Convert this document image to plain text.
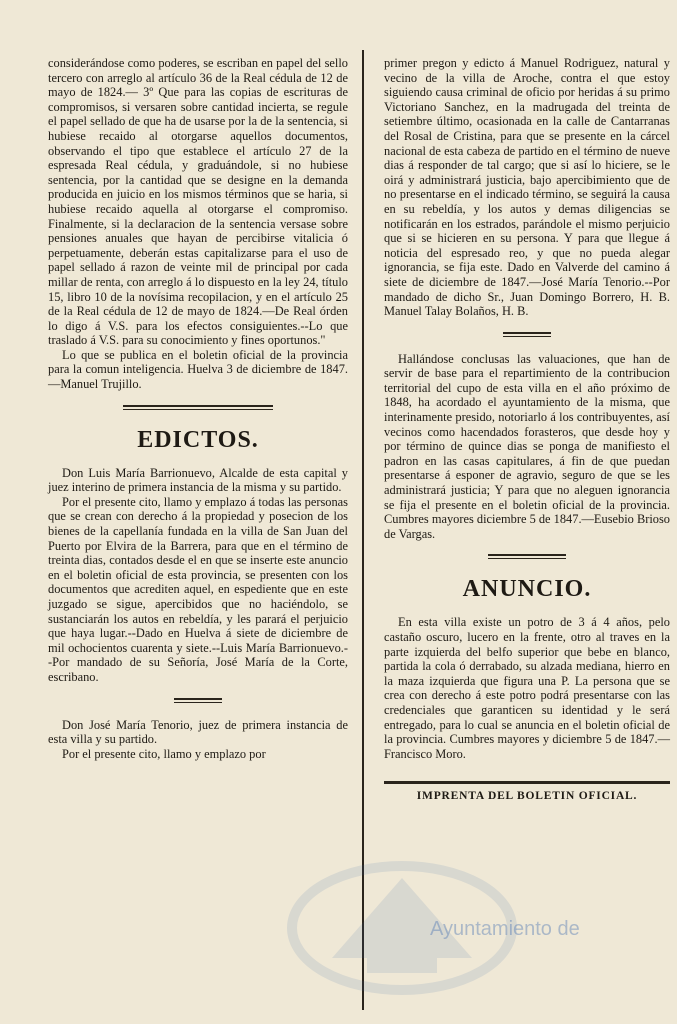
considerándose como poderes, se escriban en papel del sello tercero con arreglo al artículo 36 de la Real cédula de 12 de mayo de 1824.— 3º Que para las copias de escrituras de compromisos, si versaren sobre cantidad incierta, se regule el papel sellado de que ha de usarse por la de la sentencia, si hubiese recaido al otorgarse aquellos documentos, observando el tipo que establece el artículo 27 de la espresada Real cédula, y graduándole, si no hubiese sentencia, por la cantidad que se designe en la demanda producida en juicio en los mismos términos que se haria, si hubiese recaido aquella al otorgarse el compromiso. Finalmente, si la declaracion de la sentencia versase sobre pensiones anuales que hayan de percibirse vitalicia ó perpetuamente, deberán estas capitalizarse para el uso de papel sellado á razon de veinte mil de principal por cada millar de renta, con arreglo á lo dispuesto en la ley 24, título 15, libro 10 de la novísima recopilacion, y en el artículo 25 de la Real cédula de 12 de mayo de 1824.—De Real órden lo digo á V.S. para los efectos consiguientes.--Lo que traslado á V.S. para su conocimiento y fines oportunos."

Lo que se publica en el boletin oficial de la provincia para la comun inteligencia. Huelva 3 de diciembre de 1847.—Manuel Trujillo.

EDICTOS.

Don Luis María Barrionuevo, Alcalde de esta capital y juez interino de primera instancia de la misma y su partido.

Por el presente cito, llamo y emplazo á todas las personas que se crean con derecho á la propiedad y posecion de los bienes de la capellanía fundada en la villa de San Juan del Puerto por Elvira de la Barrera, para que en el término de treinta dias, contados desde el en que se inserte este anuncio en el boletin oficial de esta provincia, se presenten con los documentos que acrediten aquel, en espediente que en este juzgado se sigue, apercibidos que no haciéndolo, se sustanciarán los autos en rebeldía, y les parará el perjuicio que haya lugar.--Dado en Huelva á siete de diciembre de mil ochocientos cuarenta y siete.--Luis María Barrionuevo.--Por mandado de su Señoría, José María de la Corte, escribano.

Don José María Tenorio, juez de primera instancia de esta villa y su partido.

Por el presente cito, llamo y emplazo por

primer pregon y edicto á Manuel Rodriguez, natural y vecino de la villa de Aroche, contra el que estoy siguiendo causa criminal de oficio por heridas á su primo Victoriano Sanchez, en la madrugada del treinta de setiembre último, ocasionada en la calle de Cantarranas del Rosal de Cristina, para que se presente en la cárcel nacional de esta cabeza de partido en el término de nueve dias á responder de tal cargo; que si así lo hiciere, se le oirá y administrará justicia, bajo apercibimiento que de no presentarse en el indicado término, se seguirá la causa en su rebeldía, y los autos y demas diligencias se notificarán en los estrados, parándole el mismo perjuicio que si se hicieren en su persona. Y para que llegue á noticia del espresado reo, y que no pueda alegar ignorancia, se fija este. Dado en Valverde del camino á siete de diciembre de 1847.—José María Tenorio.--Por mandado de dicho Sr., Juan Domingo Borrero, H. B. Manuel Talay Bolaños, H. B.

Hallándose conclusas las valuaciones, que han de servir de base para el repartimiento de la contribucion territorial del cupo de esta villa en el año próximo de 1848, ha acordado el ayuntamiento de la misma, que interinamente presido, notoriarlo á los contribuyentes, así vecinos como hacendados forasteros, que desde hoy y por término de quince dias se ponga de manifiesto el padron en las casas capitulares, á fin de que puedan presentarse á esponer de agravio, seguro de que se les administrará justicia; Y para que no aleguen ignorancia se fija el presente en el boletin oficial de la provincia. Cumbres mayores diciembre 5 de 1847.—Eusebio Brioso de Vargas.

ANUNCIO.

En esta villa existe un potro de 3 á 4 años, pelo castaño oscuro, lucero en la frente, otro al traves en la parte izquierda del belfo superior que bebe en blanco, partida la cola ó derrabado, su alzada mediana, hierro en la maza izquierda que figura una P. La persona que se crea con derecho á este potro podrá presentarse con las credenciales que garanticen su identidad y le será entregado, para lo cual se anuncia en el boletin oficial de la provincia. Cumbres mayores y diciembre 5 de 1847.—Francisco Moro.

IMPRENTA DEL BOLETIN OFICIAL.
Ayuntamiento de
